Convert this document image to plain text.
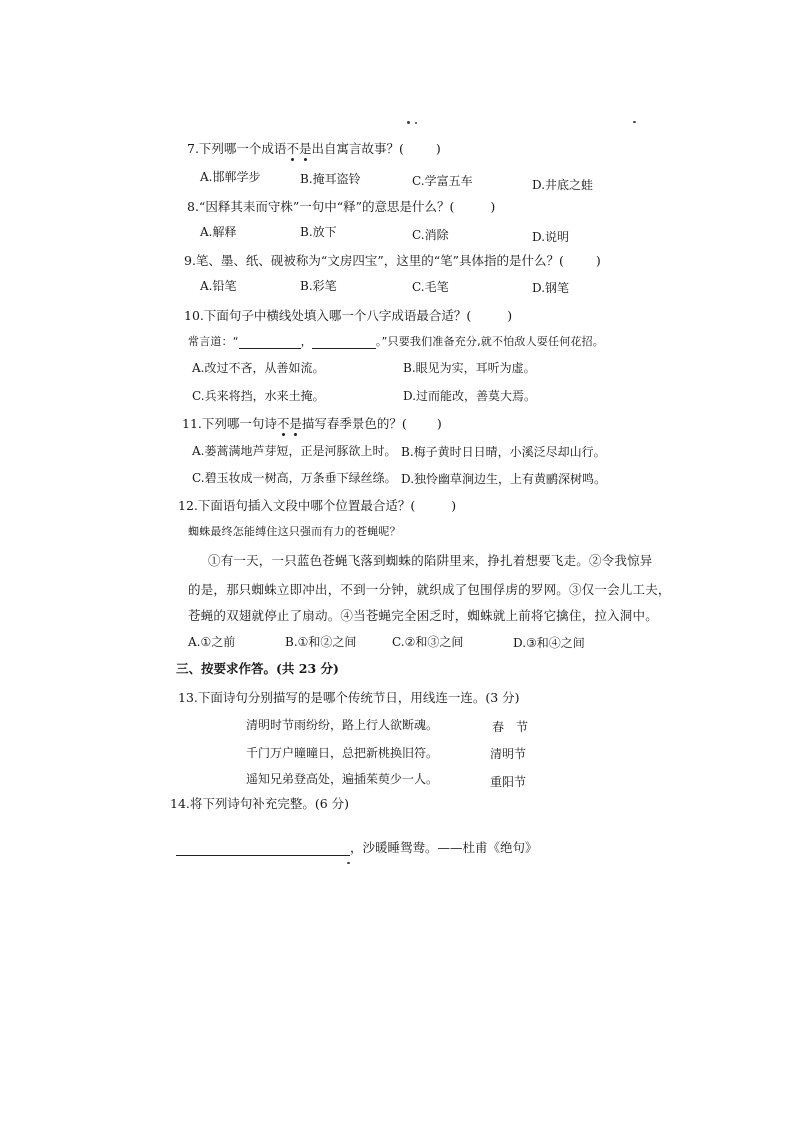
7.下列哪一个成语不是出自寓言故事？(	)
A.邯郸学步	B.掩耳盗铃	C.学富五车	D.井底之蛙
8.“因释其耒而守株”一句中“释”的意思是什么？(	)
A.解释	B.放下	C.消除	D.说明
9.笔、墨、纸、砚被称为“文房四宝”，这里的“笔”具体指的是什么？(	)
A.铅笔	B.彩笔	C.毛笔	D.钢笔
10.下面句子中横线处填入哪一个八字成语最合适？(	)
常言道：“	，	。”只要我们准备充分,就不怕敌人耍任何花招。
A.改过不吝，从善如流。	B.眼见为实，耳听为虚。
C.兵来将挡，水来土掩。	D.过而能改，善莫大焉。
11.下列哪一句诗不是描写春季景色的？( )
A.蒌蒿满地芦芽短，正是河豚欲上时。 B.梅子黄时日日晴，小溪泛尽却山行。
C.碧玉妆成一树高，万条垂下绿丝绦。 D.独怜幽草涧边生，上有黄鹂深树鸣。
12.下面语句插入文段中哪个位置最合适？(	)
蜘蛛最终怎能缚住这只强而有力的苍蝇呢？
①有一天，一只蓝色苍蝇飞落到蜘蛛的陷阱里来，挣扎着想要飞走。②令我惊异
的是，那只蜘蛛立即冲出，不到一分钟，就织成了包围俘虏的罗网。③仅一会儿工夫，
苍蝇的双翅就停止了扇动。④当苍蝇完全困乏时，蜘蛛就上前将它擒住，拉入洞中。
A.①之前	B.①和②之间	C.②和③之间	D.③和④之间
三、按要求作答。(共 23 分)
13.下面诗句分别描写的是哪个传统节日，用线连一连。(3 分)
清明时节雨纷纷，路上行人欲断魂。
千门万户曈曈日，总把新桃换旧符。
遥知兄弟登高处，遍插茱萸少一人。
春　节
清明节
重阳节
14.将下列诗句补充完整。(6 分)
，沙暖睡鸳鸯。——杜甫《绝句》
